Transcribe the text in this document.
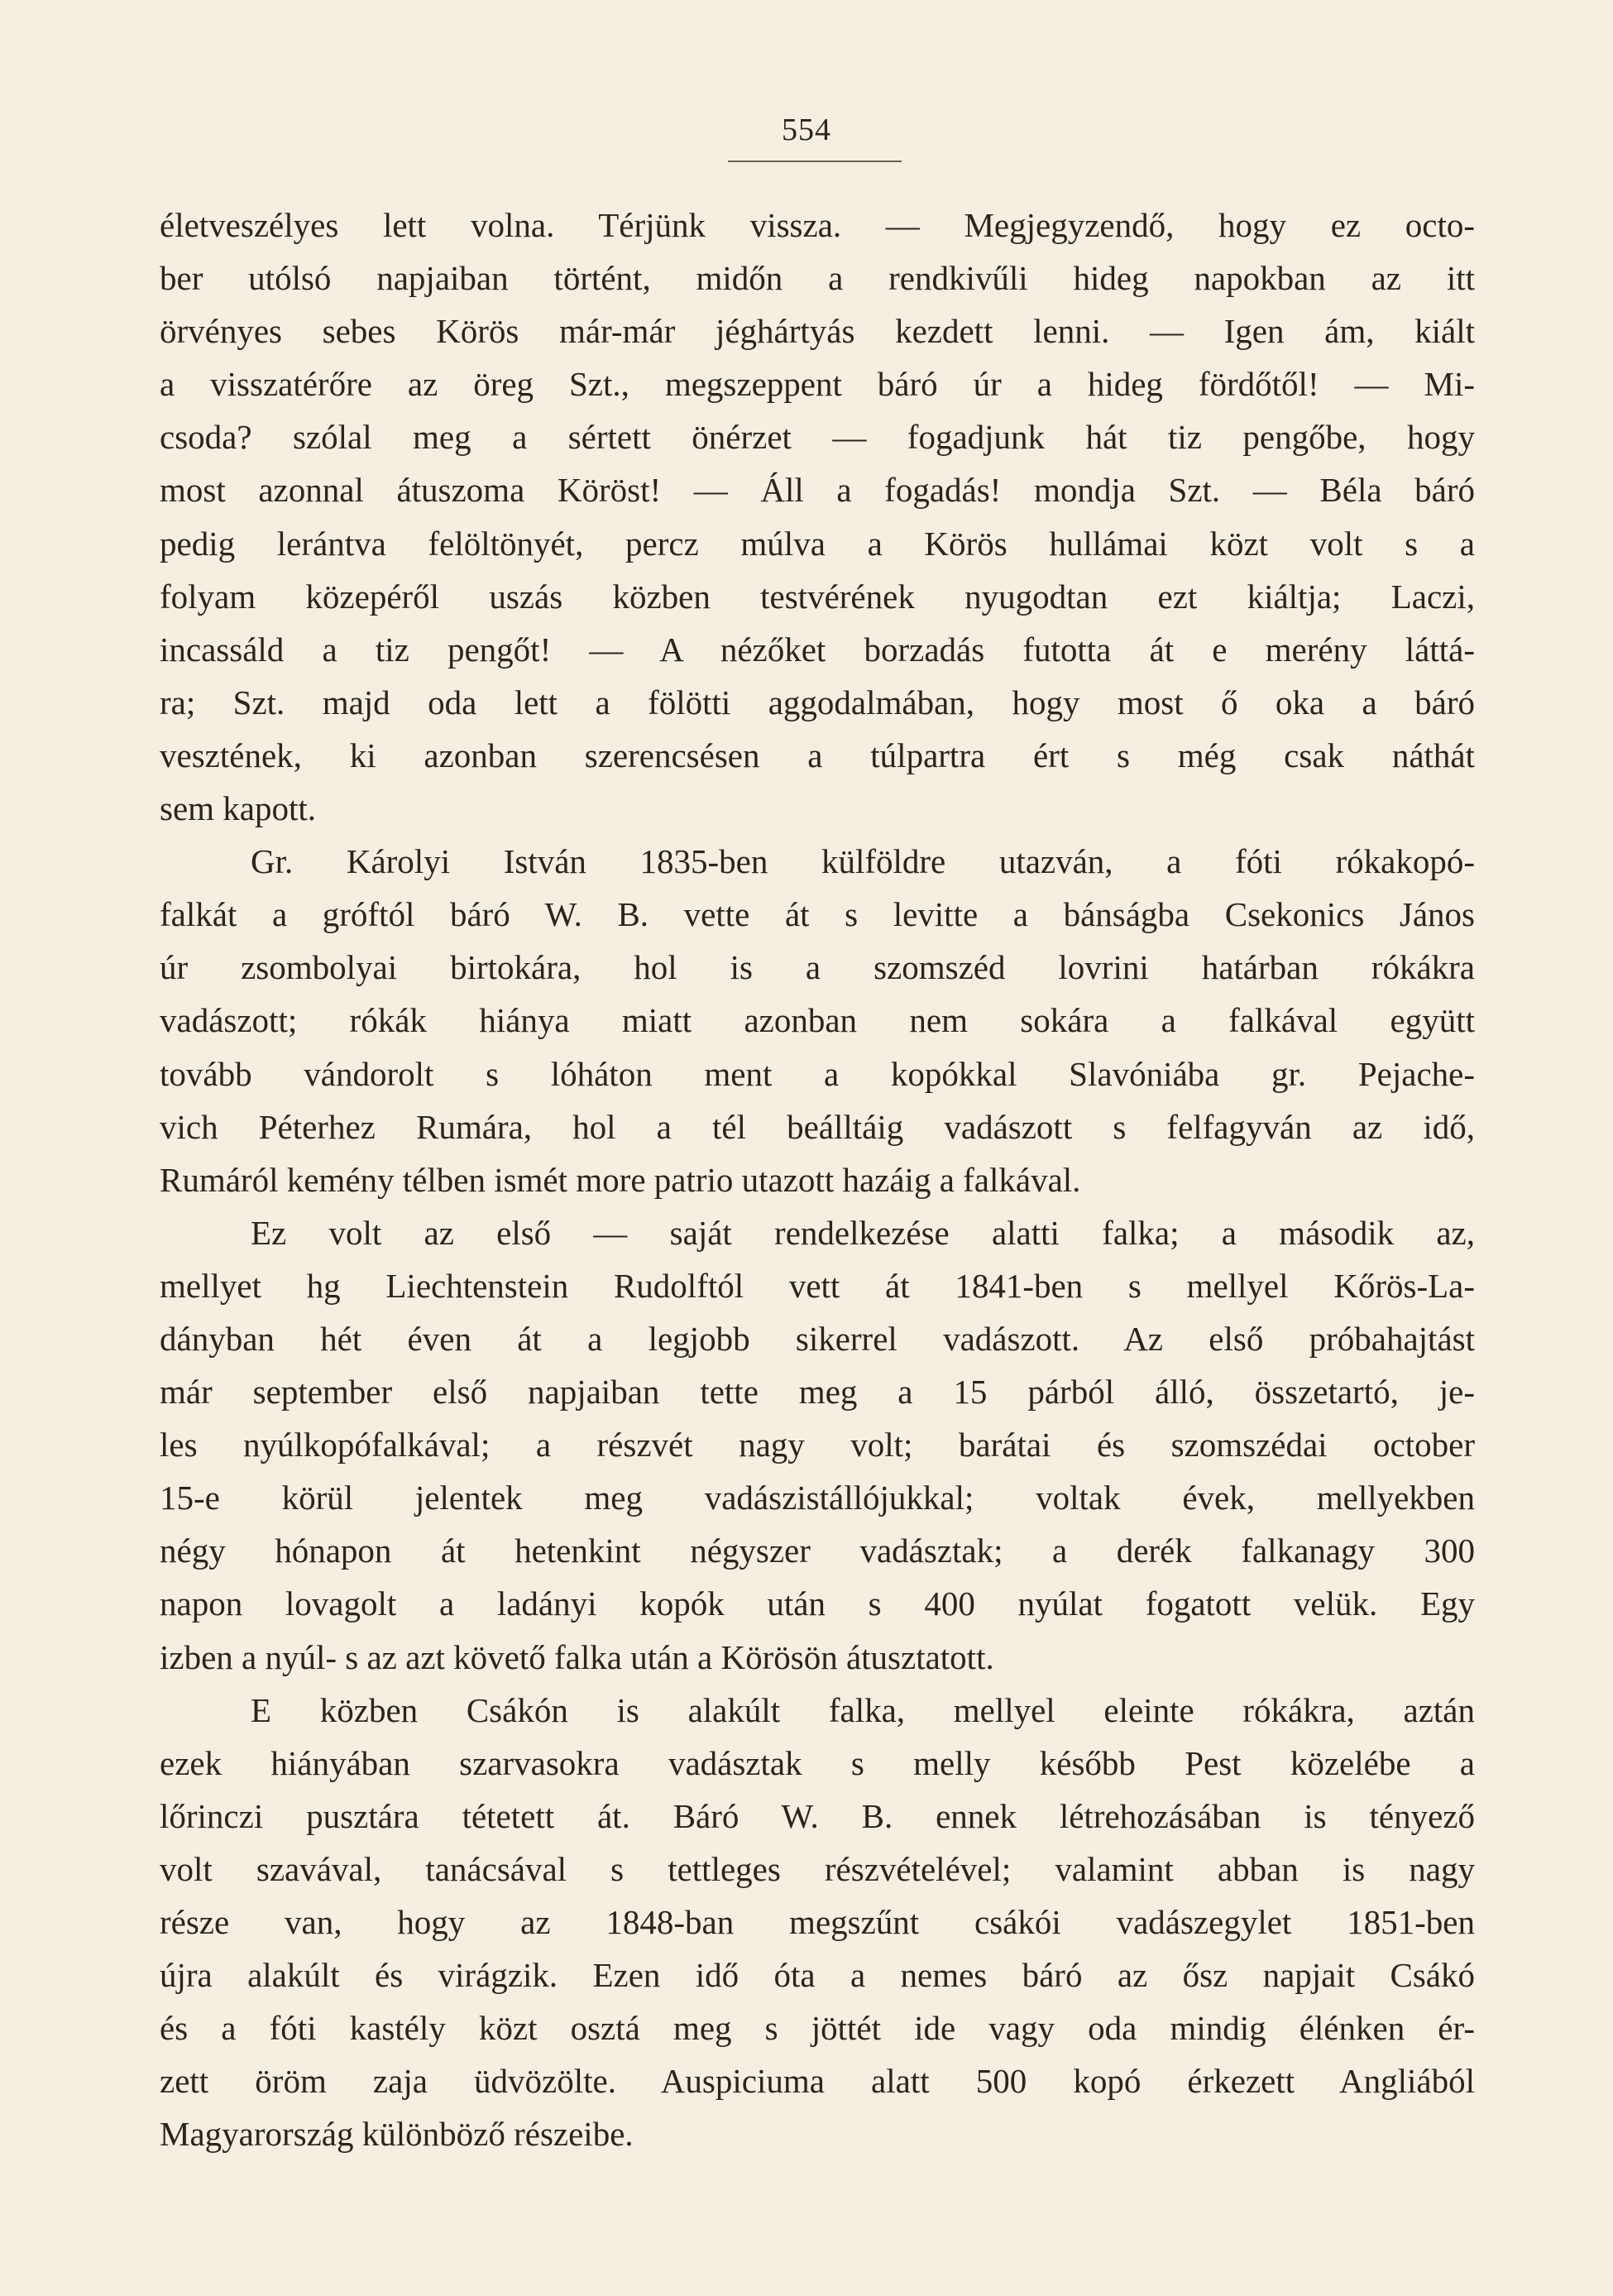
554
életveszélyes lett volna. Térjünk vissza. — Megjegyzendő, hogy ez octo-
ber utólsó napjaiban történt, midőn a rendkivűli hideg napokban az itt
örvényes sebes Körös már-már jéghártyás kezdett lenni. — Igen ám, kiált
a visszatérőre az öreg Szt., megszeppent báró úr a hideg fördőtől! — Mi-
csoda? szólal meg a sértett önérzet — fogadjunk hát tiz pengőbe, hogy
most azonnal átuszoma Köröst! — Áll a fogadás! mondja Szt. — Béla báró
pedig lerántva felöltönyét, percz múlva a Körös hullámai közt volt s a
folyam közepéről uszás közben testvérének nyugodtan ezt kiáltja; Laczi,
incassáld a tiz pengőt! — A nézőket borzadás futotta át e merény láttá-
ra; Szt. majd oda lett a fölötti aggodalmában, hogy most ő oka a báró
vesztének, ki azonban szerencsésen a túlpartra ért s még csak náthát
sem kapott.
Gr. Károlyi István 1835-ben külföldre utazván, a fóti rókakopó-
falkát a gróftól báró W. B. vette át s levitte a bánságba Csekonics János
úr zsombolyai birtokára, hol is a szomszéd lovrini határban rókákra
vadászott; rókák hiánya miatt azonban nem sokára a falkával együtt
tovább vándorolt s lóháton ment a kopókkal Slavóniába gr. Pejache-
vich Péterhez Rumára, hol a tél beálltáig vadászott s felfagyván az idő,
Rumáról kemény télben ismét more patrio utazott hazáig a falkával.
Ez volt az első — saját rendelkezése alatti falka; a második az,
mellyet hg Liechtenstein Rudolftól vett át 1841-ben s mellyel Kőrös-La-
dányban hét éven át a legjobb sikerrel vadászott. Az első próbahajtást
már september első napjaiban tette meg a 15 párból álló, összetartó, je-
les nyúlkopófalkával; a részvét nagy volt; barátai és szomszédai october
15-e körül jelentek meg vadászistállójukkal; voltak évek, mellyekben
négy hónapon át hetenkint négyszer vadásztak; a derék falkanagy 300
napon lovagolt a ladányi kopók után s 400 nyúlat fogatott velük. Egy
izben a nyúl- s az azt követő falka után a Körösön átusztatott.
E közben Csákón is alakúlt falka, mellyel eleinte rókákra, aztán
ezek hiányában szarvasokra vadásztak s melly később Pest közelébe a
lőrinczi pusztára tétetett át. Báró W. B. ennek létrehozásában is tényező
volt szavával, tanácsával s tettleges részvételével; valamint abban is nagy
része van, hogy az 1848-ban megszűnt csákói vadászegylet 1851-ben
újra alakúlt és virágzik. Ezen idő óta a nemes báró az ősz napjait Csákó
és a fóti kastély közt osztá meg s jöttét ide vagy oda mindig élénken ér-
zett öröm zaja üdvözölte. Auspiciuma alatt 500 kopó érkezett Angliából
Magyarország különböző részeibe.
